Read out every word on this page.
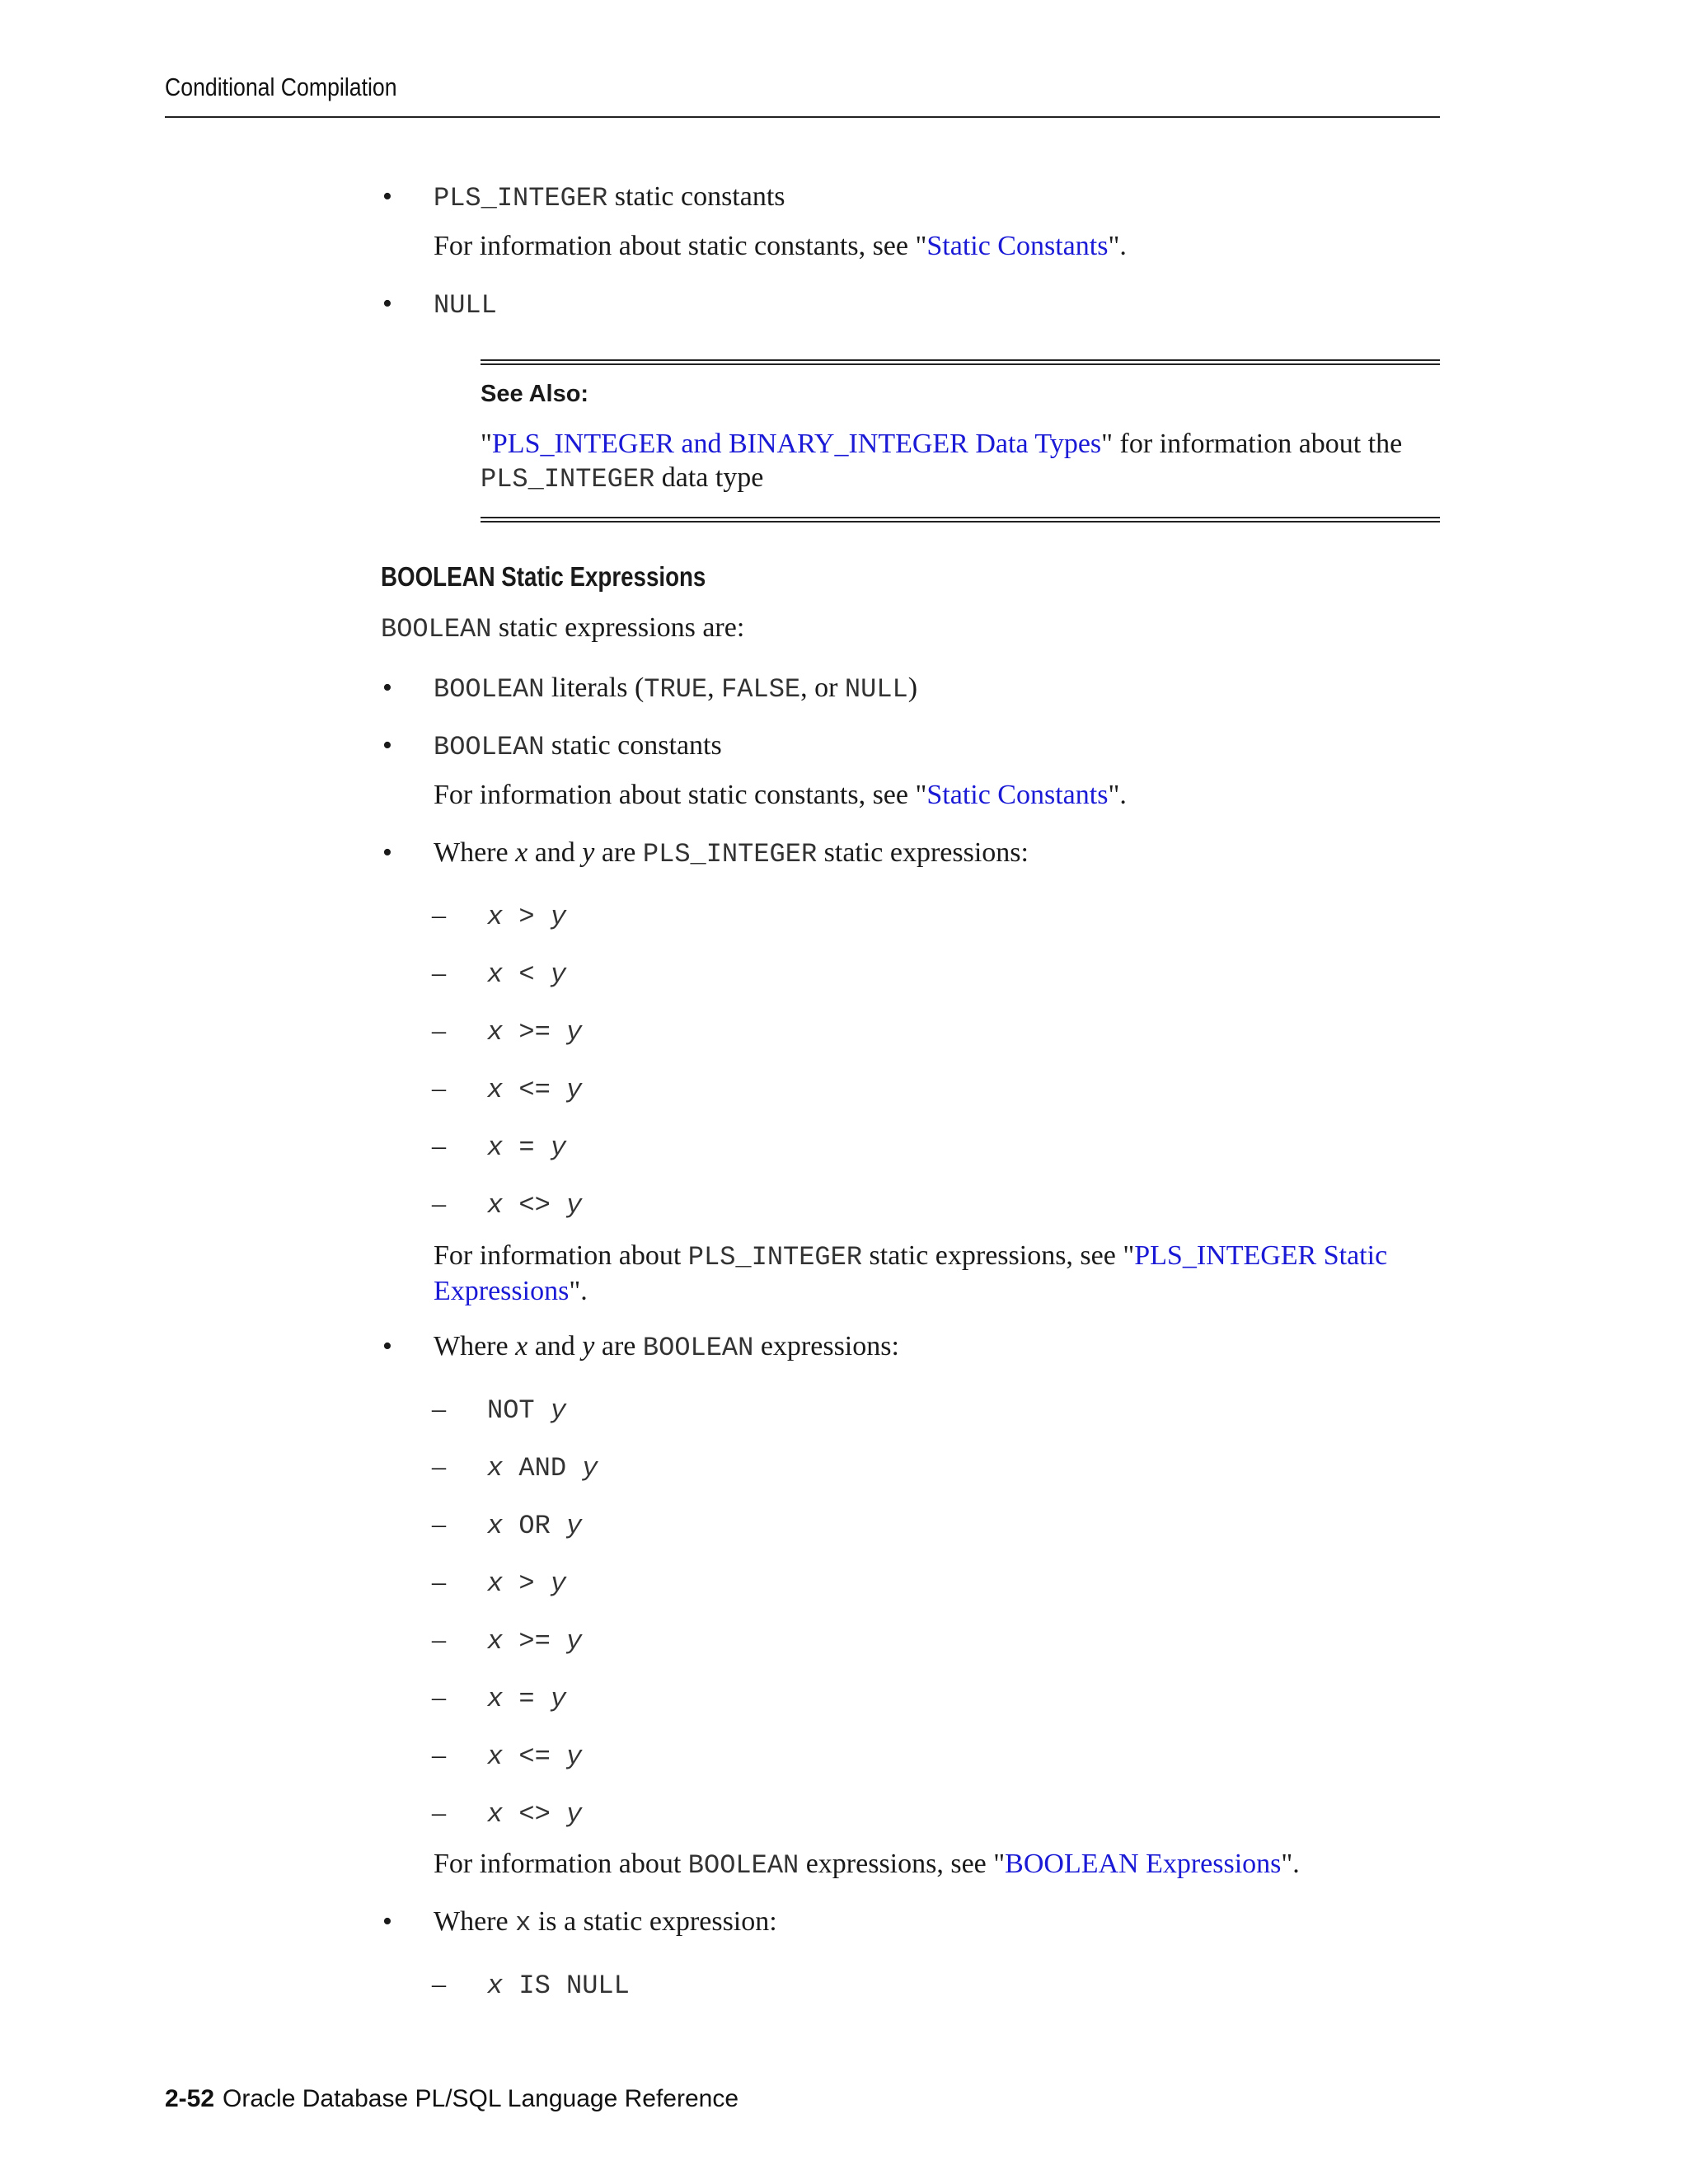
Conditional Compilation
• PLS_INTEGER static constants
For information about static constants, see "Static Constants".
• NULL
See Also:
"PLS_INTEGER and BINARY_INTEGER Data Types" for information about the PLS_INTEGER data type
BOOLEAN Static Expressions
BOOLEAN static expressions are:
• BOOLEAN literals (TRUE, FALSE, or NULL)
• BOOLEAN static constants
For information about static constants, see "Static Constants".
• Where x and y are PLS_INTEGER static expressions:
– x > y
– x < y
– x >= y
– x <= y
– x = y
– x <> y
For information about PLS_INTEGER static expressions, see "PLS_INTEGER Static Expressions".
• Where x and y are BOOLEAN expressions:
– NOT y
– x AND y
– x OR y
– x > y
– x >= y
– x = y
– x <= y
– x <> y
For information about BOOLEAN expressions, see "BOOLEAN Expressions".
• Where x is a static expression:
– x IS NULL
2-52 Oracle Database PL/SQL Language Reference
